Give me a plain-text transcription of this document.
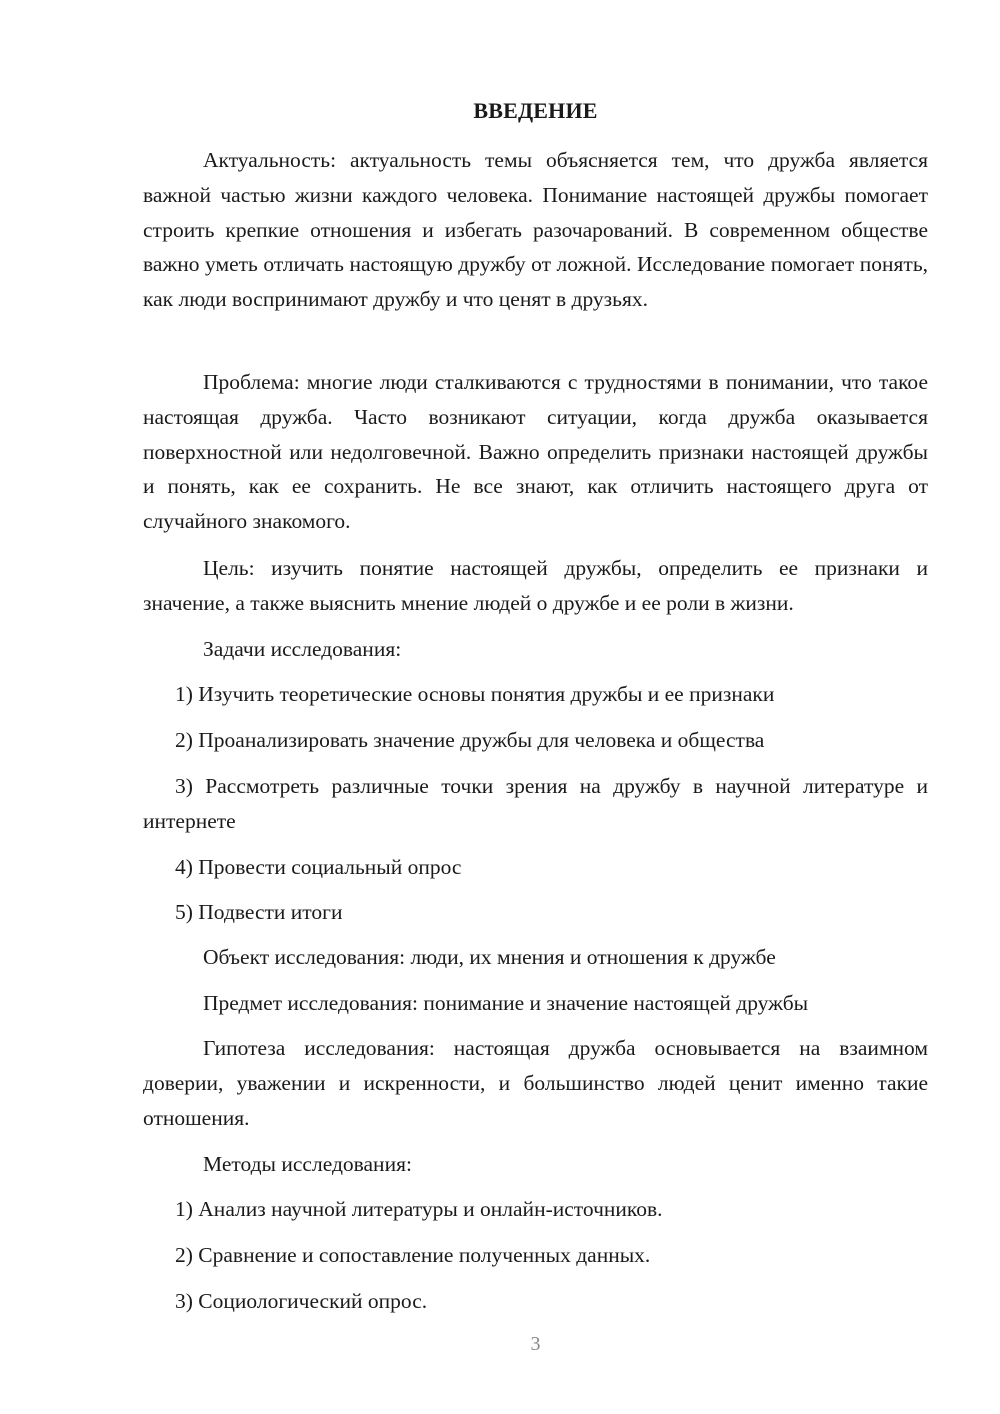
ВВЕДЕНИЕ

Актуальность: актуальность темы объясняется тем, что дружба является важной частью жизни каждого человека. Понимание настоящей дружбы помогает строить крепкие отношения и избегать разочарований. В современном обществе важно уметь отличать настоящую дружбу от ложной. Исследование помогает понять, как люди воспринимают дружбу и что ценят в друзьях.

Проблема: многие люди сталкиваются с трудностями в понимании, что такое настоящая дружба. Часто возникают ситуации, когда дружба оказывается поверхностной или недолговечной. Важно определить признаки настоящей дружбы и понять, как ее сохранить. Не все знают, как отличить настоящего друга от случайного знакомого.

Цель: изучить понятие настоящей дружбы, определить ее признаки и значение, а также выяснить мнение людей о дружбе и ее роли в жизни.

Задачи исследования:

1) Изучить теоретические основы понятия дружбы и ее признаки

2) Проанализировать значение дружбы для человека и общества

3) Рассмотреть различные точки зрения на дружбу в научной литературе и интернете

4) Провести социальный опрос

5) Подвести итоги

Объект исследования: люди, их мнения и отношения к дружбе

Предмет исследования: понимание и значение настоящей дружбы

Гипотеза исследования: настоящая дружба основывается на взаимном доверии, уважении и искренности, и большинство людей ценит именно такие отношения.

Методы исследования:

1) Анализ научной литературы и онлайн-источников.

2) Сравнение и сопоставление полученных данных.

3) Социологический опрос.

3
